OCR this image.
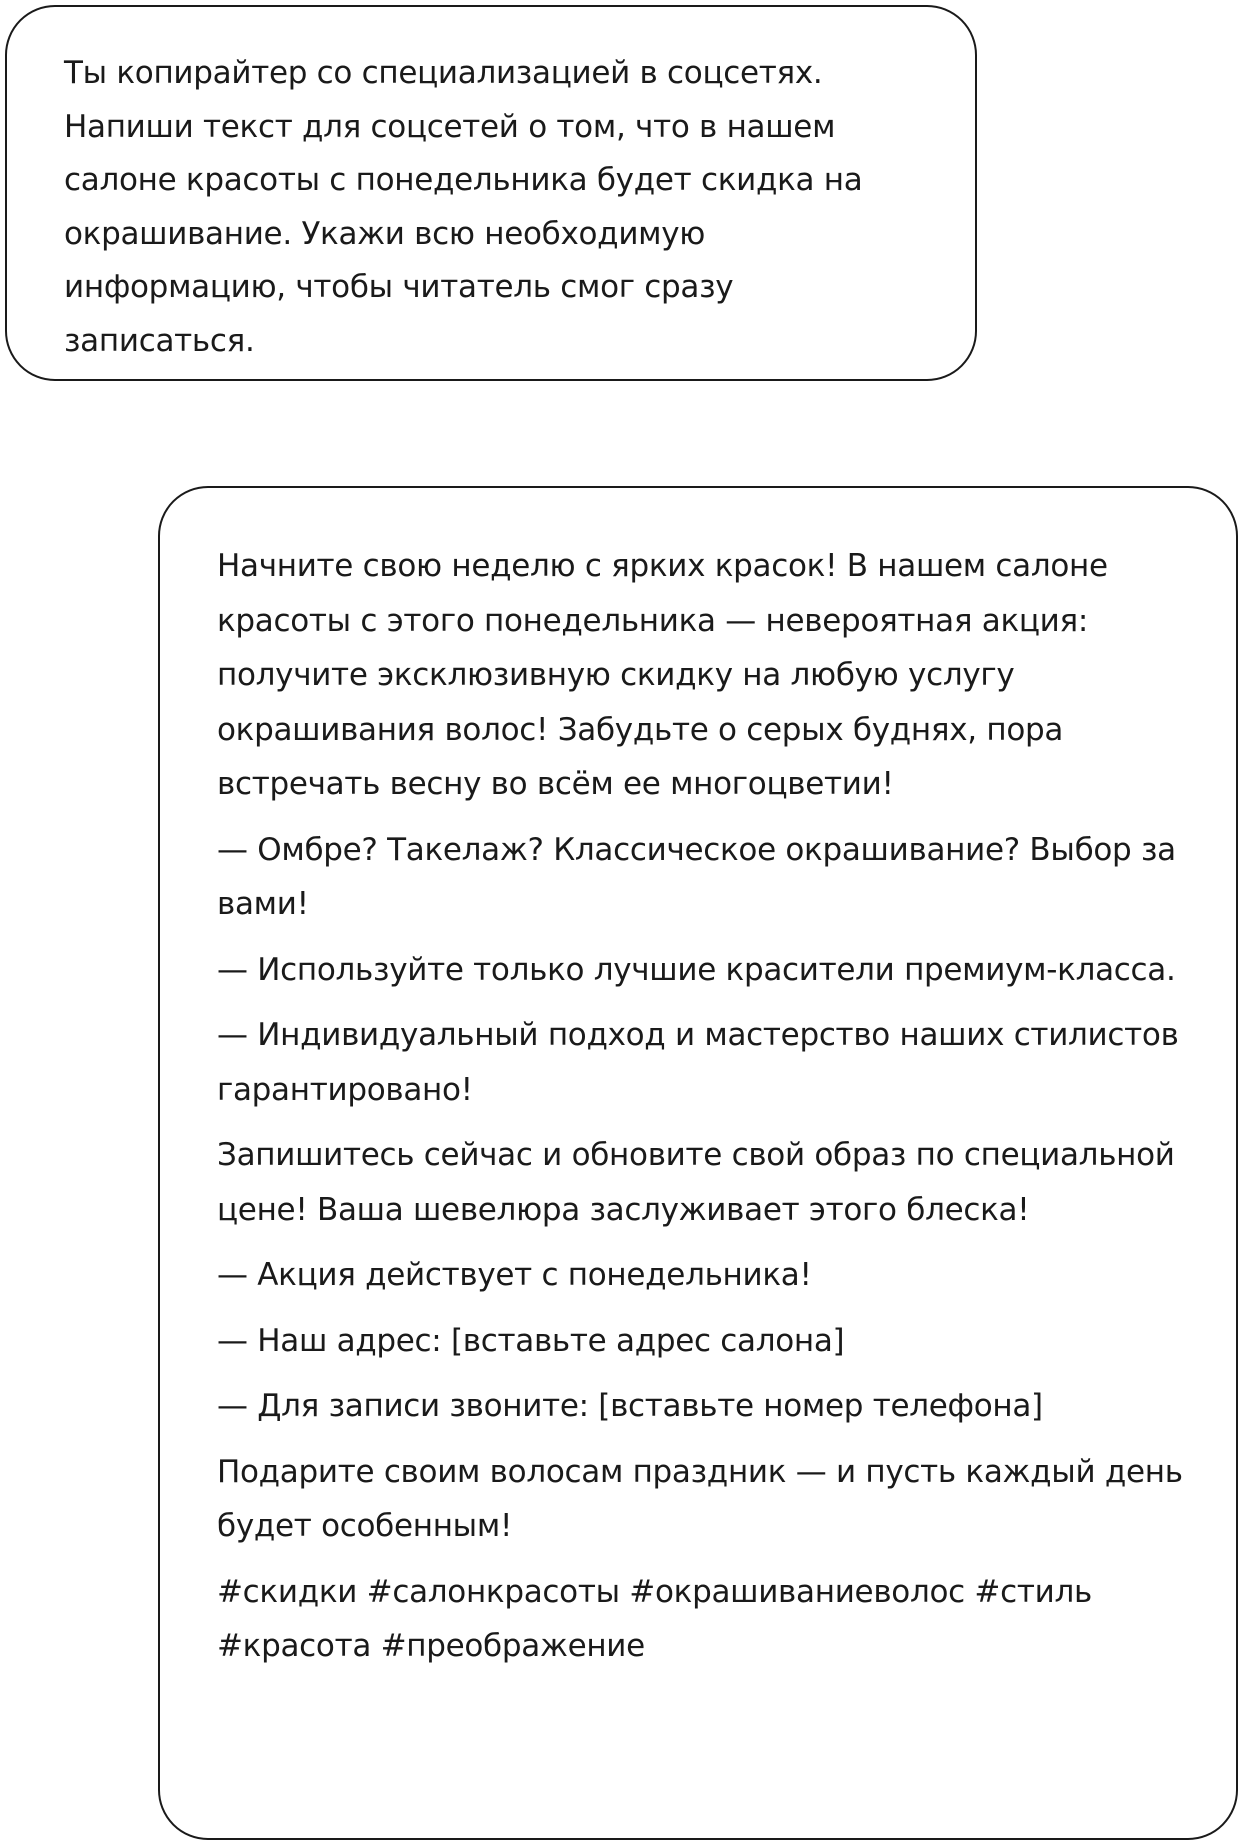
Ты копирайтер со специализацией в соцсетях. Напиши текст для соцсетей о том, что в нашем салоне красоты с понедельника будет скидка на окрашивание. Укажи всю необходимую информацию, чтобы читатель смог сразу записаться.

Начните свою неделю с ярких красок! В нашем салоне красоты с этого понедельника — невероятная акция: получите эксклюзивную скидку на любую услугу окрашивания волос! Забудьте о серых буднях, пора встречать весну во всём ее многоцветии!

— Омбре? Такелаж? Классическое окрашивание? Выбор за вами!

— Используйте только лучшие красители премиум-класса.

— Индивидуальный подход и мастерство наших стилистов гарантировано!

Запишитесь сейчас и обновите свой образ по специальной цене! Ваша шевелюра заслуживает этого блеска!

— Акция действует с понедельника!

— Наш адрес: [вставьте адрес салона]

— Для записи звоните: [вставьте номер телефона]

Подарите своим волосам праздник — и пусть каждый день будет особенным!

#скидки #салонкрасоты #окрашиваниеволос #стиль
#красота #преображение
